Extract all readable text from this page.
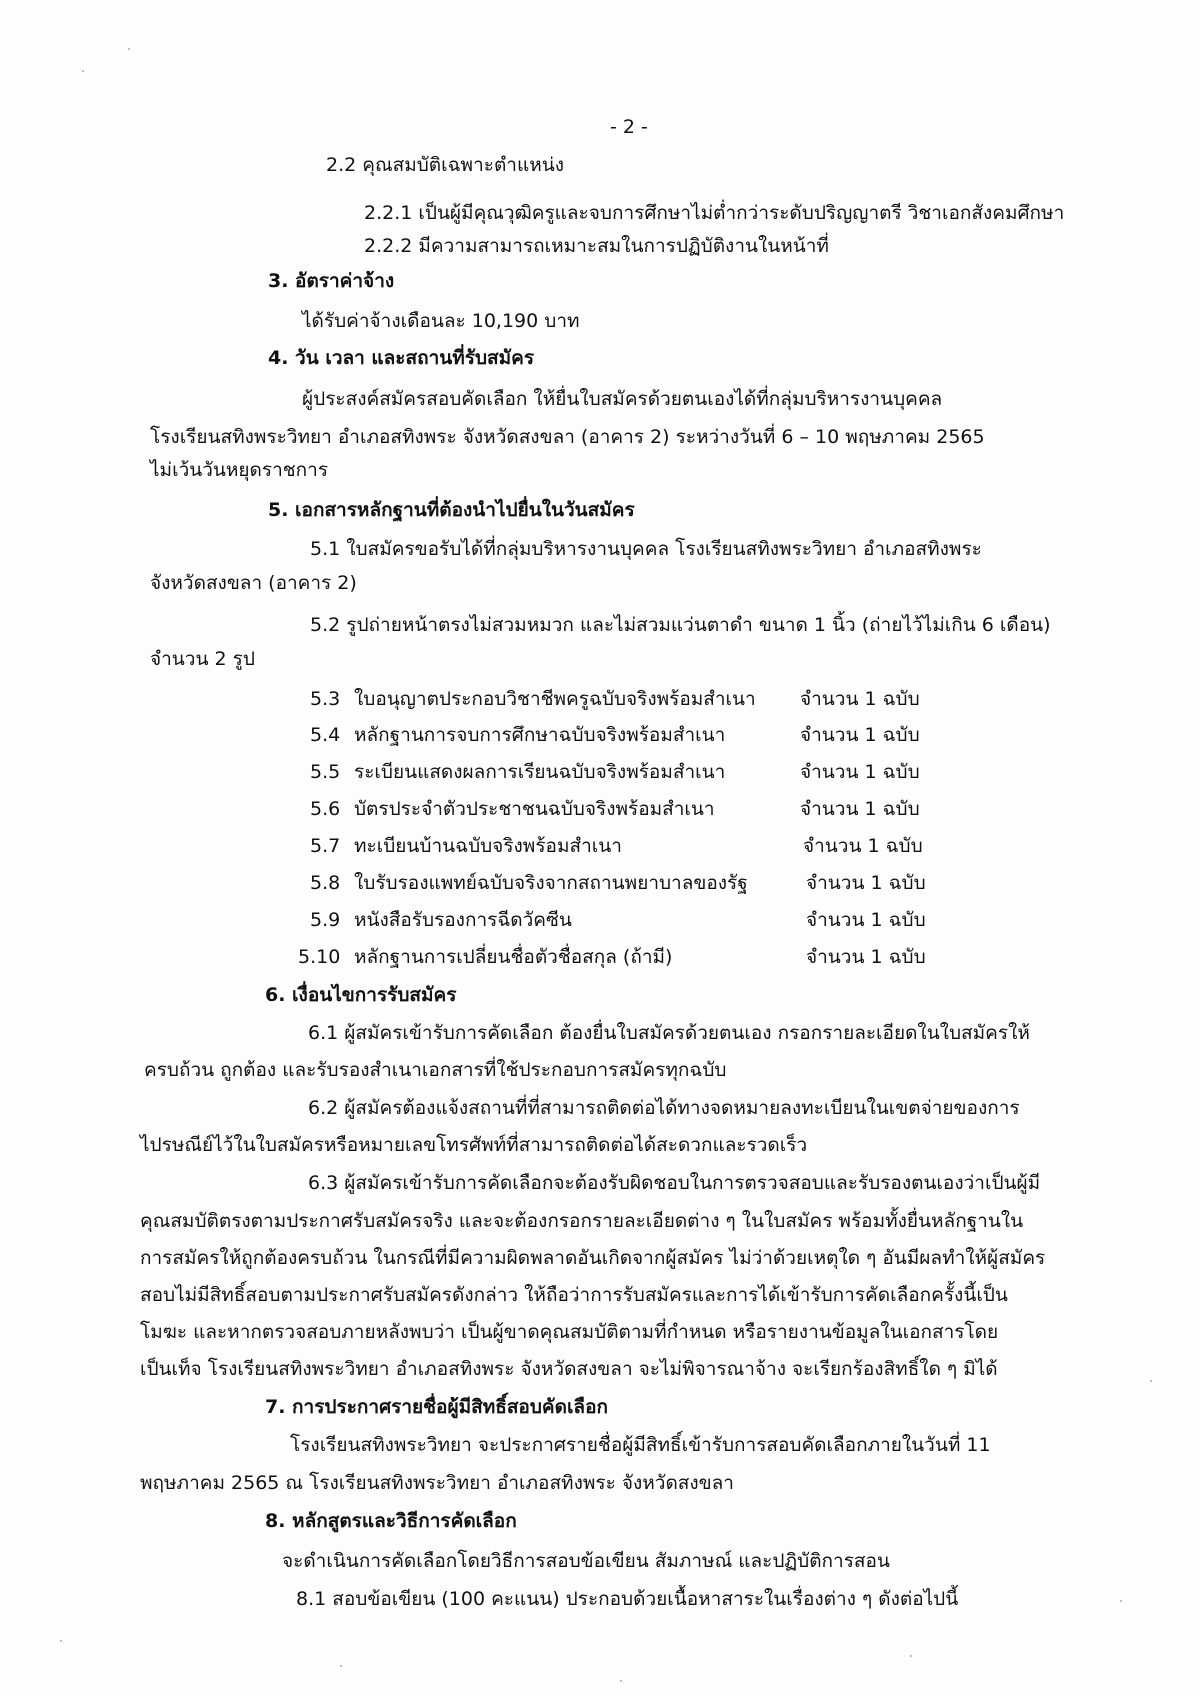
- 2 -
2.2 คุณสมบัติเฉพาะตำแหน่ง
2.2.1 เป็นผู้มีคุณวุฒิครูและจบการศึกษาไม่ต่ำกว่าระดับปริญญาตรี วิชาเอกสังคมศึกษา
2.2.2 มีความสามารถเหมาะสมในการปฏิบัติงานในหน้าที่
3. อัตราค่าจ้าง
ได้รับค่าจ้างเดือนละ 10,190 บาท
4. วัน เวลา และสถานที่รับสมัคร
ผู้ประสงค์สมัครสอบคัดเลือก ให้ยื่นใบสมัครด้วยตนเองได้ที่กลุ่มบริหารงานบุคคล
โรงเรียนสทิงพระวิทยา อำเภอสทิงพระ จังหวัดสงขลา (อาคาร 2) ระหว่างวันที่ 6 – 10 พฤษภาคม 2565
ไม่เว้นวันหยุดราชการ
5. เอกสารหลักฐานที่ต้องนำไปยื่นในวันสมัคร
5.1 ใบสมัครขอรับได้ที่กลุ่มบริหารงานบุคคล โรงเรียนสทิงพระวิทยา อำเภอสทิงพระ
จังหวัดสงขลา (อาคาร 2)
5.2 รูปถ่ายหน้าตรงไม่สวมหมวก และไม่สวมแว่นตาดำ ขนาด 1 นิ้ว (ถ่ายไว้ไม่เกิน 6 เดือน)
จำนวน 2 รูป
5.3 ใบอนุญาตประกอบวิชาชีพครูฉบับจริงพร้อมสำเนา จำนวน 1 ฉบับ
5.4 หลักฐานการจบการศึกษาฉบับจริงพร้อมสำเนา	จำนวน 1 ฉบับ
5.5 ระเบียนแสดงผลการเรียนฉบับจริงพร้อมสำเนา	จำนวน 1 ฉบับ
5.6 บัตรประจำตัวประชาชนฉบับจริงพร้อมสำเนา	จำนวน 1 ฉบับ
5.7 ทะเบียนบ้านฉบับจริงพร้อมสำเนา	จำนวน 1 ฉบับ
5.8 ใบรับรองแพทย์ฉบับจริงจากสถานพยาบาลของรัฐ	จำนวน 1 ฉบับ
5.9 หนังสือรับรองการฉีดวัคซีน	จำนวน 1 ฉบับ
5.10 หลักฐานการเปลี่ยนชื่อตัวชื่อสกุล (ถ้ามี)	จำนวน 1 ฉบับ
6. เงื่อนไขการรับสมัคร
6.1 ผู้สมัครเข้ารับการคัดเลือก ต้องยื่นใบสมัครด้วยตนเอง กรอกรายละเอียดในใบสมัครให้
ครบถ้วน ถูกต้อง และรับรองสำเนาเอกสารที่ใช้ประกอบการสมัครทุกฉบับ
6.2 ผู้สมัครต้องแจ้งสถานที่ที่สามารถติดต่อได้ทางจดหมายลงทะเบียนในเขตจ่ายของการ
ไปรษณีย์ไว้ในใบสมัครหรือหมายเลขโทรศัพท์ที่สามารถติดต่อได้สะดวกและรวดเร็ว
6.3 ผู้สมัครเข้ารับการคัดเลือกจะต้องรับผิดชอบในการตรวจสอบและรับรองตนเองว่าเป็นผู้มี
คุณสมบัติตรงตามประกาศรับสมัครจริง และจะต้องกรอกรายละเอียดต่าง ๆ ในใบสมัคร พร้อมทั้งยื่นหลักฐานใน
การสมัครให้ถูกต้องครบถ้วน ในกรณีที่มีความผิดพลาดอันเกิดจากผู้สมัคร ไม่ว่าด้วยเหตุใด ๆ อันมีผลทำให้ผู้สมัคร
สอบไม่มีสิทธิ์สอบตามประกาศรับสมัครดังกล่าว ให้ถือว่าการรับสมัครและการได้เข้ารับการคัดเลือกครั้งนี้เป็น
โมฆะ และหากตรวจสอบภายหลังพบว่า เป็นผู้ขาดคุณสมบัติตามที่กำหนด หรือรายงานข้อมูลในเอกสารโดย
เป็นเท็จ โรงเรียนสทิงพระวิทยา อำเภอสทิงพระ จังหวัดสงขลา จะไม่พิจารณาจ้าง จะเรียกร้องสิทธิ์ใด ๆ มิได้
7. การประกาศรายชื่อผู้มีสิทธิ์สอบคัดเลือก
โรงเรียนสทิงพระวิทยา จะประกาศรายชื่อผู้มีสิทธิ์เข้ารับการสอบคัดเลือกภายในวันที่ 11
พฤษภาคม 2565 ณ โรงเรียนสทิงพระวิทยา อำเภอสทิงพระ จังหวัดสงขลา
8. หลักสูตรและวิธีการคัดเลือก
จะดำเนินการคัดเลือกโดยวิธีการสอบข้อเขียน สัมภาษณ์ และปฏิบัติการสอน
8.1 สอบข้อเขียน (100 คะแนน) ประกอบด้วยเนื้อหาสาระในเรื่องต่าง ๆ ดังต่อไปนี้
